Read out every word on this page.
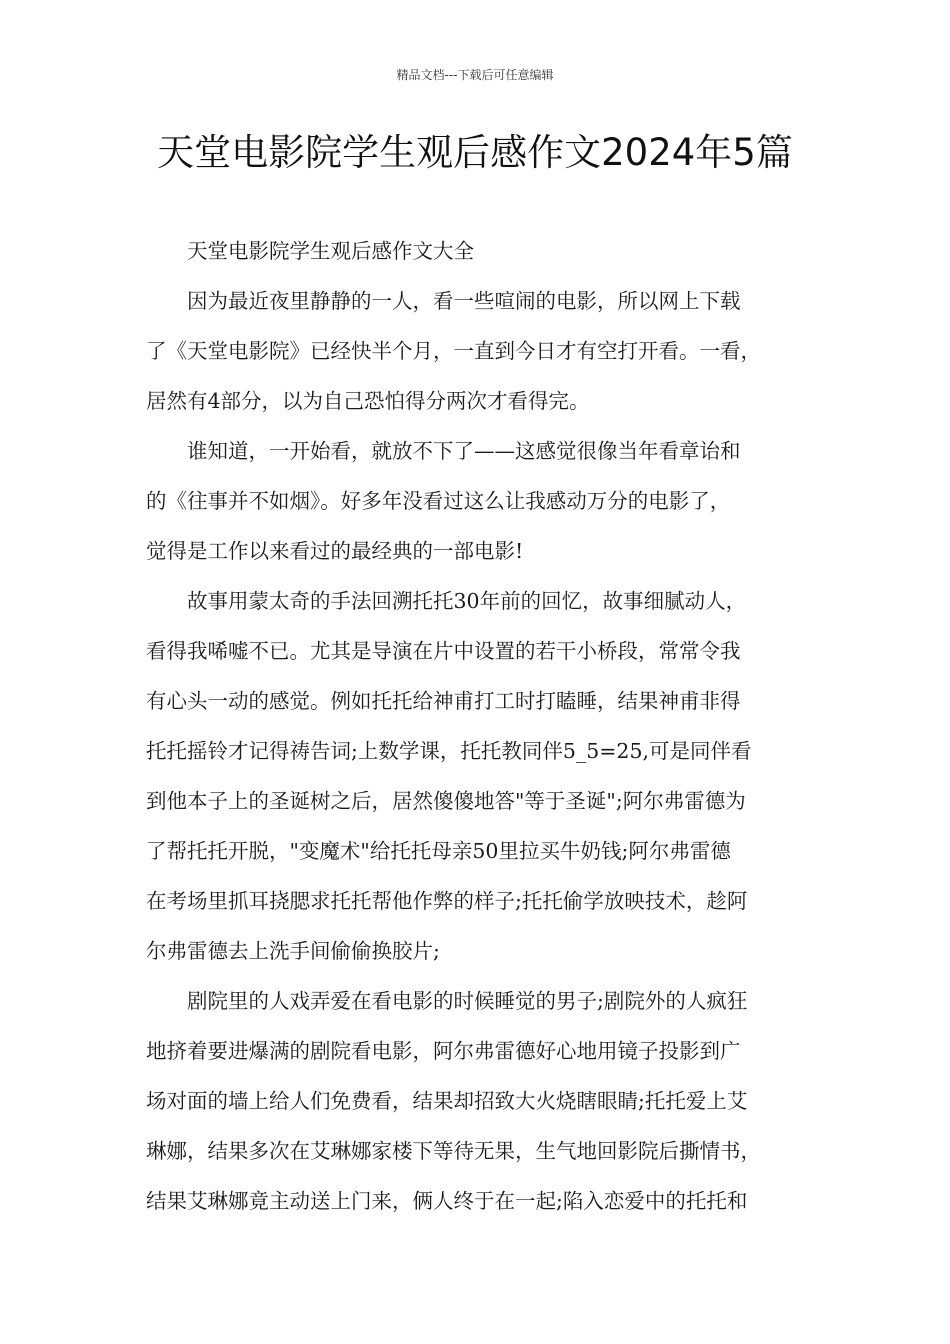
精品文档---下载后可任意编辑
天堂电影院学生观后感作文2024年5篇

天堂电影院学生观后感作文大全

因为最近夜里静静的一人，看一些喧闹的电影，所以网上下载
了《天堂电影院》已经快半个月，一直到今日才有空打开看。一看，
居然有4部分，以为自己恐怕得分两次才看得完。

谁知道，一开始看，就放不下了——这感觉很像当年看章诒和
的《往事并不如烟》。好多年没看过这么让我感动万分的电影了，
觉得是工作以来看过的最经典的一部电影!

故事用蒙太奇的手法回溯托托30年前的回忆，故事细腻动人，
看得我唏嘘不已。尤其是导演在片中设置的若干小桥段，常常令我
有心头一动的感觉。例如托托给神甫打工时打瞌睡，结果神甫非得
托托摇铃才记得祷告词;上数学课，托托教同伴5_5=25,可是同伴看
到他本子上的圣诞树之后，居然傻傻地答"等于圣诞";阿尔弗雷德为
了帮托托开脱，"变魔术"给托托母亲50里拉买牛奶钱;阿尔弗雷德
在考场里抓耳挠腮求托托帮他作弊的样子;托托偷学放映技术，趁阿
尔弗雷德去上洗手间偷偷换胶片;

剧院里的人戏弄爱在看电影的时候睡觉的男子;剧院外的人疯狂
地挤着要进爆满的剧院看电影，阿尔弗雷德好心地用镜子投影到广
场对面的墙上给人们免费看，结果却招致大火烧瞎眼睛;托托爱上艾
琳娜，结果多次在艾琳娜家楼下等待无果，生气地回影院后撕情书，
结果艾琳娜竟主动送上门来，俩人终于在一起;陷入恋爱中的托托和
